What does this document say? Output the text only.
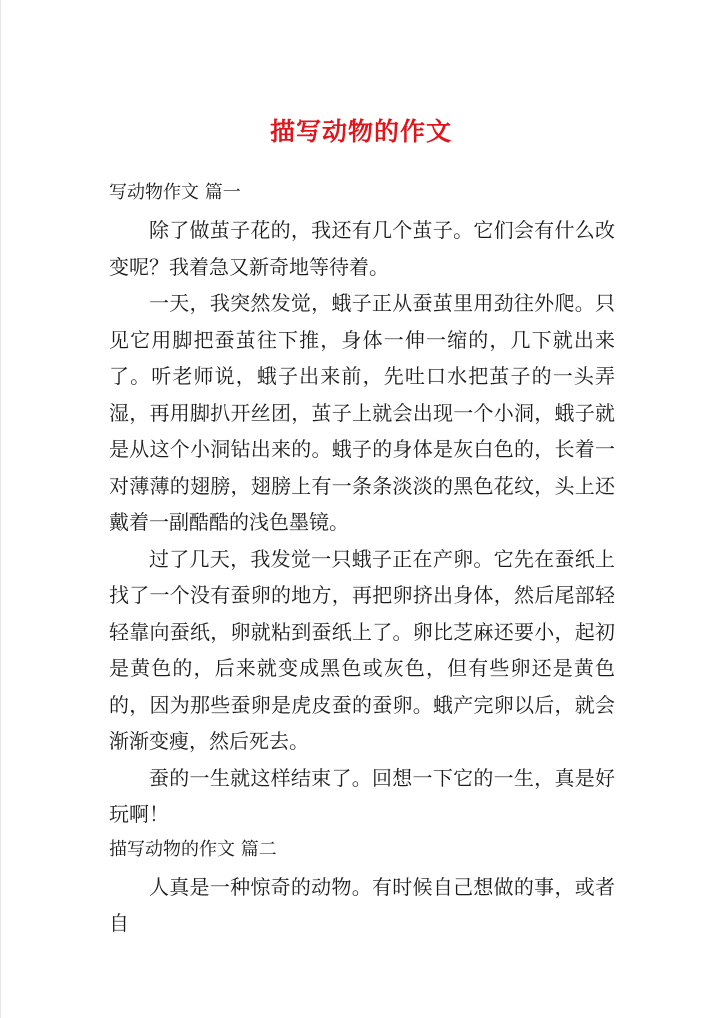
描写动物的作文

写动物作文 篇一

除了做茧子花的，我还有几个茧子。它们会有什么改变呢？我着急又新奇地等待着。

一天，我突然发觉，蛾子正从蚕茧里用劲往外爬。只见它用脚把蚕茧往下推，身体一伸一缩的，几下就出来了。听老师说，蛾子出来前，先吐口水把茧子的一头弄湿，再用脚扒开丝团，茧子上就会出现一个小洞，蛾子就是从这个小洞钻出来的。蛾子的身体是灰白色的，长着一对薄薄的翅膀，翅膀上有一条条淡淡的黑色花纹，头上还戴着一副酷酷的浅色墨镜。

过了几天，我发觉一只蛾子正在产卵。它先在蚕纸上找了一个没有蚕卵的地方，再把卵挤出身体，然后尾部轻轻靠向蚕纸，卵就粘到蚕纸上了。卵比芝麻还要小，起初是黄色的，后来就变成黑色或灰色，但有些卵还是黄色的，因为那些蚕卵是虎皮蚕的蚕卵。蛾产完卵以后，就会渐渐变瘦，然后死去。

蚕的一生就这样结束了。回想一下它的一生，真是好玩啊！

描写动物的作文 篇二

人真是一种惊奇的动物。有时候自己想做的事，或者自
